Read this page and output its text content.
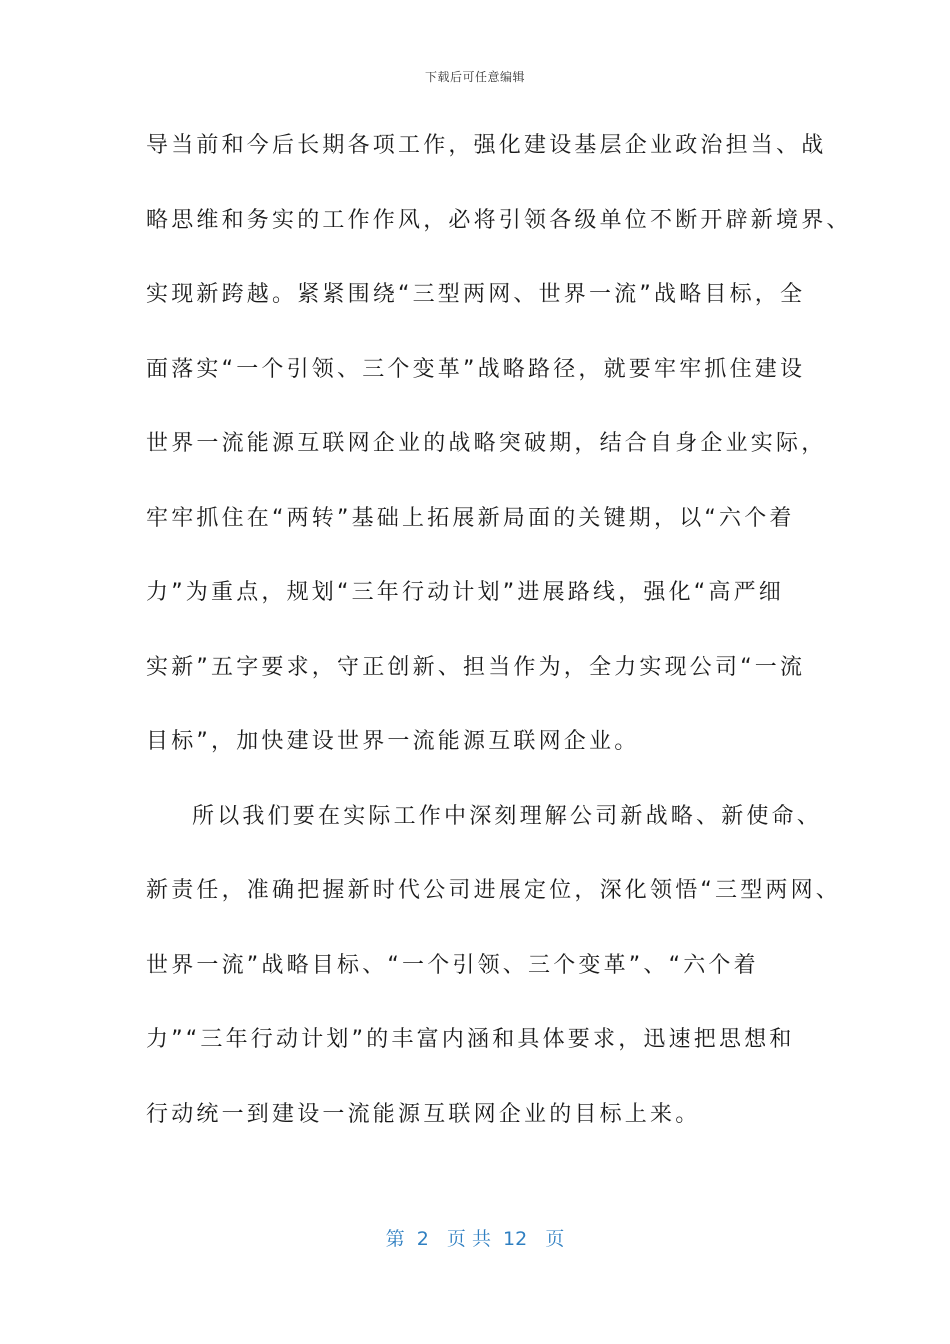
下载后可任意编辑
导当前和今后长期各项工作，强化建设基层企业政治担当、战
略思维和务实的工作作风，必将引领各级单位不断开辟新境界、
实现新跨越。紧紧围绕“三型两网、世界一流”战略目标，全
面落实“一个引领、三个变革”战略路径，就要牢牢抓住建设
世界一流能源互联网企业的战略突破期，结合自身企业实际，
牢牢抓住在“两转”基础上拓展新局面的关键期，以“六个着
力”为重点，规划“三年行动计划”进展路线，强化“高严细
实新”五字要求，守正创新、担当作为，全力实现公司“一流
目标”，加快建设世界一流能源互联网企业。
所以我们要在实际工作中深刻理解公司新战略、新使命、
新责任，准确把握新时代公司进展定位，深化领悟“三型两网、
世界一流”战略目标、“一个引领、三个变革”、“六个着
力”“三年行动计划”的丰富内涵和具体要求，迅速把思想和
行动统一到建设一流能源互联网企业的目标上来。
第  2   页 共  12   页
